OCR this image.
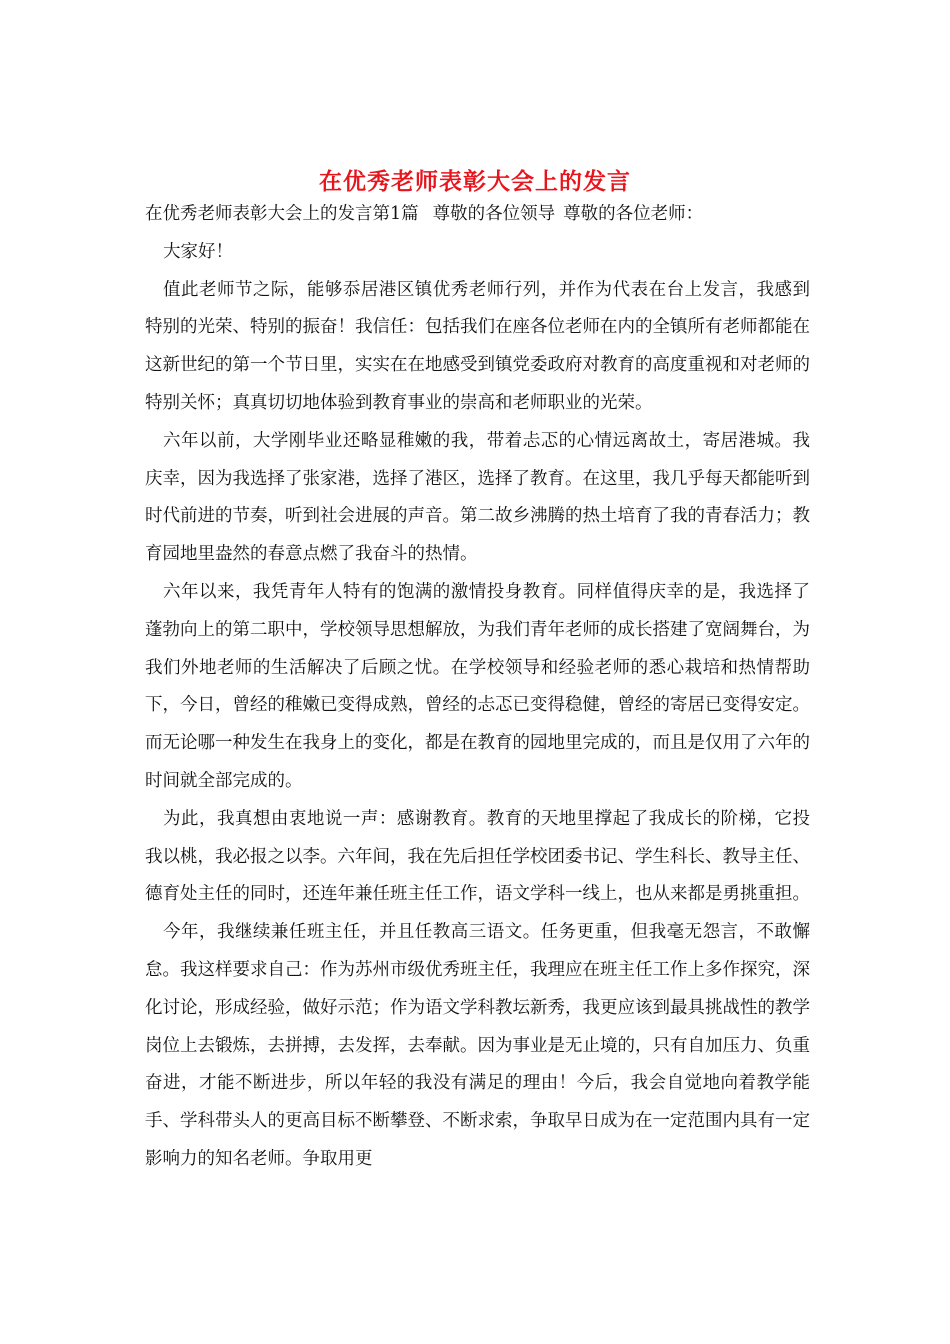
在优秀老师表彰大会上的发言

在优秀老师表彰大会上的发言第1篇 尊敬的各位领导 尊敬的各位老师：

大家好！

值此老师节之际，能够忝居港区镇优秀老师行列，并作为代表在台上发言，我感到特别的光荣、特别的振奋！我信任：包括我们在座各位老师在内的全镇所有老师都能在这新世纪的第一个节日里，实实在在地感受到镇党委政府对教育的高度重视和对老师的特别关怀；真真切切地体验到教育事业的崇高和老师职业的光荣。

六年以前，大学刚毕业还略显稚嫩的我，带着忐忑的心情远离故土，寄居港城。我庆幸，因为我选择了张家港，选择了港区，选择了教育。在这里，我几乎每天都能听到时代前进的节奏，听到社会进展的声音。第二故乡沸腾的热土培育了我的青春活力；教育园地里盎然的春意点燃了我奋斗的热情。

六年以来，我凭青年人特有的饱满的激情投身教育。同样值得庆幸的是，我选择了蓬勃向上的第二职中，学校领导思想解放，为我们青年老师的成长搭建了宽阔舞台，为我们外地老师的生活解决了后顾之忧。在学校领导和经验老师的悉心栽培和热情帮助下，今日，曾经的稚嫩已变得成熟，曾经的忐忑已变得稳健，曾经的寄居已变得安定。而无论哪一种发生在我身上的变化，都是在教育的园地里完成的，而且是仅用了六年的时间就全部完成的。

为此，我真想由衷地说一声：感谢教育。教育的天地里撑起了我成长的阶梯，它投我以桃，我必报之以李。六年间，我在先后担任学校团委书记、学生科长、教导主任、德育处主任的同时，还连年兼任班主任工作，语文学科一线上，也从来都是勇挑重担。

今年，我继续兼任班主任，并且任教高三语文。任务更重，但我毫无怨言，不敢懈怠。我这样要求自己：作为苏州市级优秀班主任，我理应在班主任工作上多作探究，深化讨论，形成经验，做好示范；作为语文学科教坛新秀，我更应该到最具挑战性的教学岗位上去锻炼，去拼搏，去发挥，去奉献。因为事业是无止境的，只有自加压力、负重奋进，才能不断进步，所以年轻的我没有满足的理由！今后，我会自觉地向着教学能手、学科带头人的更高目标不断攀登、不断求索，争取早日成为在一定范围内具有一定影响力的知名老师。争取用更
